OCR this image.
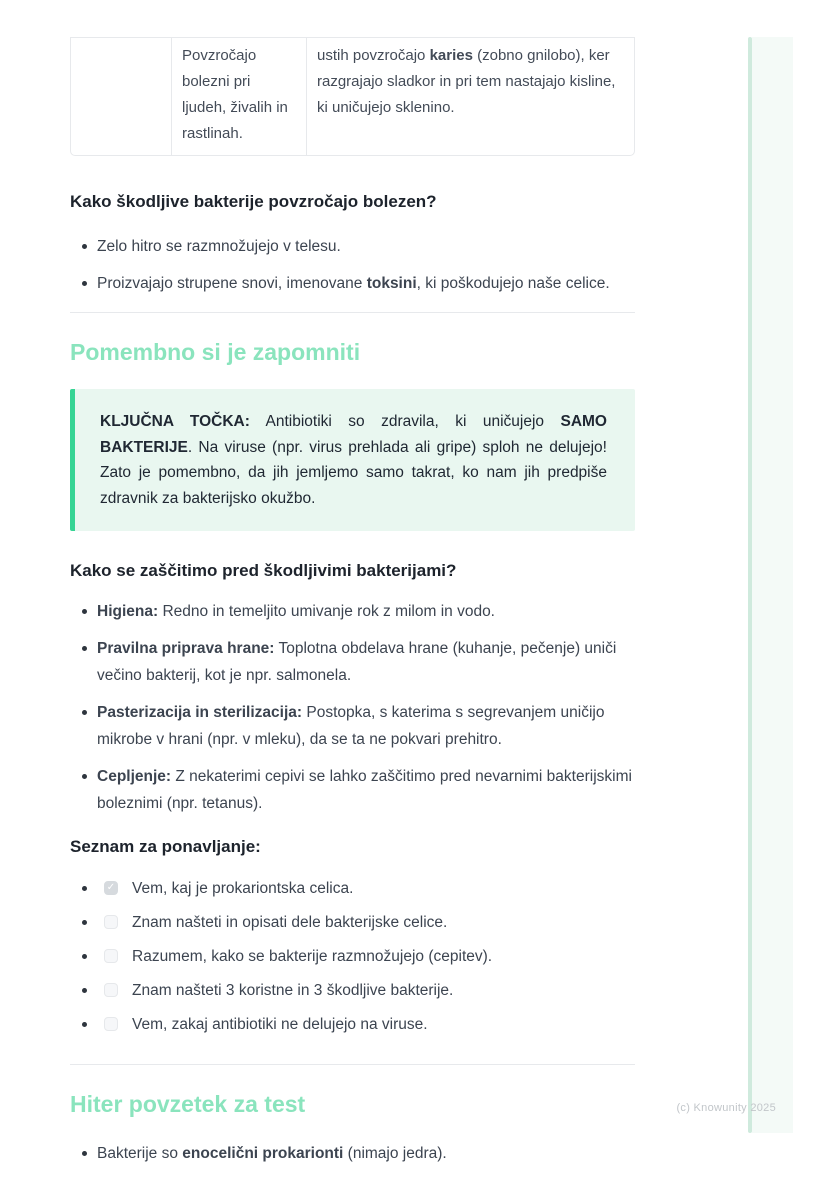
Povzročajo bolezni pri ljudeh, živalih in rastlinah.
ustih povzročajo karies (zobno gnilobo), ker razgrajajo sladkor in pri tem nastajajo kisline, ki uničujejo sklenino.
Kako škodljive bakterije povzročajo bolezen?
Zelo hitro se razmnožujejo v telesu.
Proizvajajo strupene snovi, imenovane toksini, ki poškodujejo naše celice.
Pomembno si je zapomniti
KLJUČNA TOČKA: Antibiotiki so zdravila, ki uničujejo SAMO BAKTERIJE. Na viruse (npr. virus prehlada ali gripe) sploh ne delujejo! Zato je pomembno, da jih jemljemo samo takrat, ko nam jih predpiše zdravnik za bakterijsko okužbo.
Kako se zaščitimo pred škodljivimi bakterijami?
Higiena: Redno in temeljito umivanje rok z milom in vodo.
Pravilna priprava hrane: Toplotna obdelava hrane (kuhanje, pečenje) uniči večino bakterij, kot je npr. salmonela.
Pasterizacija in sterilizacija: Postopka, s katerima s segrevanjem uničijo mikrobe v hrani (npr. v mleku), da se ta ne pokvari prehitro.
Cepljenje: Z nekaterimi cepivi se lahko zaščitimo pred nevarnimi bakterijskimi boleznimi (npr. tetanus).
Seznam za ponavljanje:
✓ Vem, kaj je prokariontska celica.
Znam našteti in opisati dele bakterijske celice.
Razumem, kako se bakterije razmnožujejo (cepitev).
Znam našteti 3 koristne in 3 škodljive bakterije.
Vem, zakaj antibiotiki ne delujejo na viruse.
Hiter povzetek za test
Bakterije so enocelični prokarionti (nimajo jedra).
(c) Knowunity 2025
